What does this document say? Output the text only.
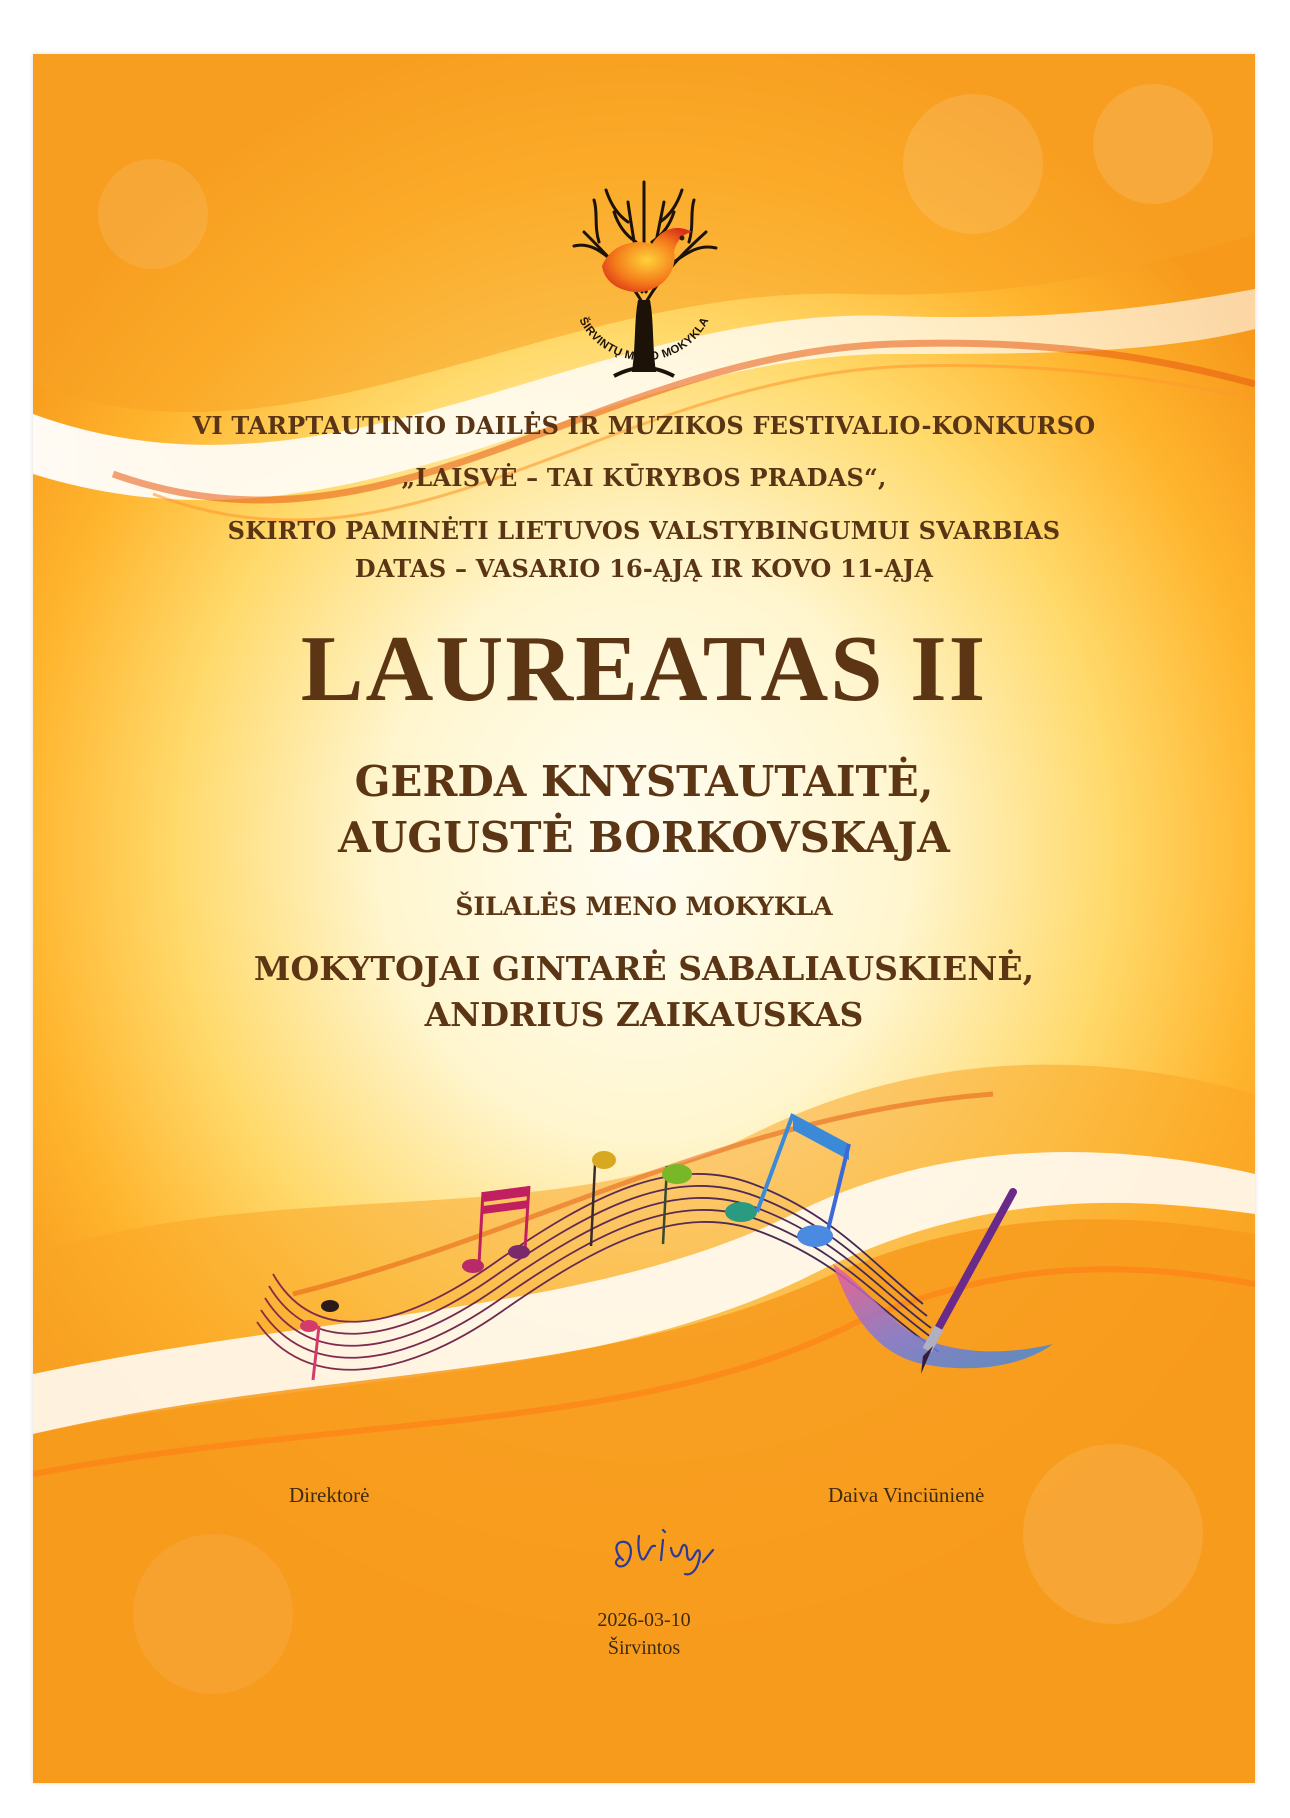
ŠIRVINTŲ MENO MOKYKLA
VI TARPTAUTINIO DAILĖS IR MUZIKOS FESTIVALIO-KONKURSO
„LAISVĖ – TAI KŪRYBOS PRADAS“,
SKIRTO PAMINĖTI LIETUVOS VALSTYBINGUMUI SVARBIAS
DATAS – VASARIO 16-ĄJĄ IR KOVO 11-ĄJĄ
LAUREATAS II
GERDA KNYSTAUTAITĖ,
AUGUSTĖ BORKOVSKAJA
ŠILALĖS MENO MOKYKLA
MOKYTOJAI GINTARĖ SABALIAUSKIENĖ,
ANDRIUS ZAIKAUSKAS
Direktorė	Daiva Vinciūnienė
2026-03-10
Širvintos
